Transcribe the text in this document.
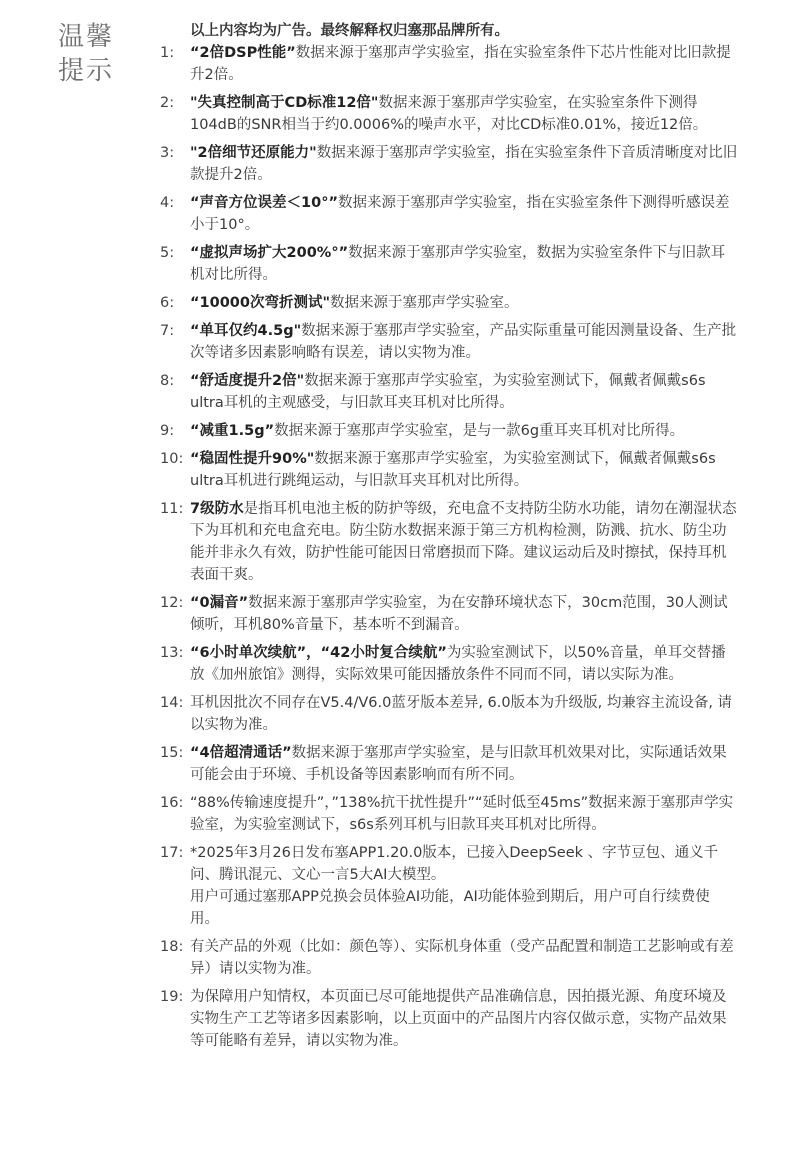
温馨
提示
以上内容均为广告。最终解释权归塞那品牌所有。
1:	“2倍DSP性能”数据来源于塞那声学实验室，指在实验室条件下芯片性能对比旧款提升2倍。
2:	"失真控制高于CD标准12倍"数据来源于塞那声学实验室，在实验室条件下测得104dB的SNR相当于约0.0006%的噪声水平，对比CD标准0.01%，接近12倍。
3:	"2倍细节还原能力"数据来源于塞那声学实验室，指在实验室条件下音质清晰度对比旧款提升2倍。
4:	“声音方位误差＜10°”数据来源于塞那声学实验室，指在实验室条件下测得听感误差小于10°。
5:	“虚拟声场扩大200%°”数据来源于塞那声学实验室，数据为实验室条件下与旧款耳机对比所得。
6:	“10000次弯折测试"数据来源于塞那声学实验室。
7:	“单耳仅约4.5g"数据来源于塞那声学实验室，产品实际重量可能因测量设备、生产批次等诸多因素影响略有误差，请以实物为准。
8:	“舒适度提升2倍"数据来源于塞那声学实验室，为实验室测试下，佩戴者佩戴s6s ultra耳机的主观感受，与旧款耳夹耳机对比所得。
9:	“减重1.5g”数据来源于塞那声学实验室，是与一款6g重耳夹耳机对比所得。
10: “稳固性提升90%"数据来源于塞那声学实验室，为实验室测试下，佩戴者佩戴s6s ultra耳机进行跳绳运动，与旧款耳夹耳机对比所得。
11: 7级防水是指耳机电池主板的防护等级，充电盒不支持防尘防水功能，请勿在潮湿状态下为耳机和充电盒充电。防尘防水数据来源于第三方机构检测，防溅、抗水、防尘功能并非永久有效，防护性能可能因日常磨损而下降。建议运动后及时擦拭，保持耳机表面干爽。
12: “0漏音”数据来源于塞那声学实验室，为在安静环境状态下，30cm范围，30人测试倾听，耳机80%音量下，基本听不到漏音。
13: “6小时单次续航”，“42小时复合续航”为实验室测试下，以50%音量，单耳交替播放《加州旅馆》测得，实际效果可能因播放条件不同而不同，请以实际为准。
14: 耳机因批次不同存在V5.4/V6.0蓝牙版本差异, 6.0版本为升级版, 均兼容主流设备, 请以实物为准。
15: “4倍超清通话”数据来源于塞那声学实验室，是与旧款耳机效果对比，实际通话效果可能会由于环境、手机设备等因素影响而有所不同。
16: “88%传输速度提升”，”138%抗干扰性提升”“延时低至45ms”数据来源于塞那声学实验室，为实验室测试下，s6s系列耳机与旧款耳夹耳机对比所得。
17: *2025年3月26日发布塞APP1.20.0版本，已接入DeepSeek 、字节豆包、通义千问、腾讯混元、文心一言5大AI大模型。
用户可通过塞那APP兑换会员体验AI功能，AI功能体验到期后，用户可自行续费使用。
18: 有关产品的外观（比如：颜色等）、实际机身体重（受产品配置和制造工艺影响或有差异）请以实物为准。
19: 为保障用户知情权，本页面已尽可能地提供产品准确信息，因拍摄光源、角度环境及实物生产工艺等诸多因素影响，以上页面中的产品图片内容仅做示意，实物产品效果等可能略有差异，请以实物为准。
